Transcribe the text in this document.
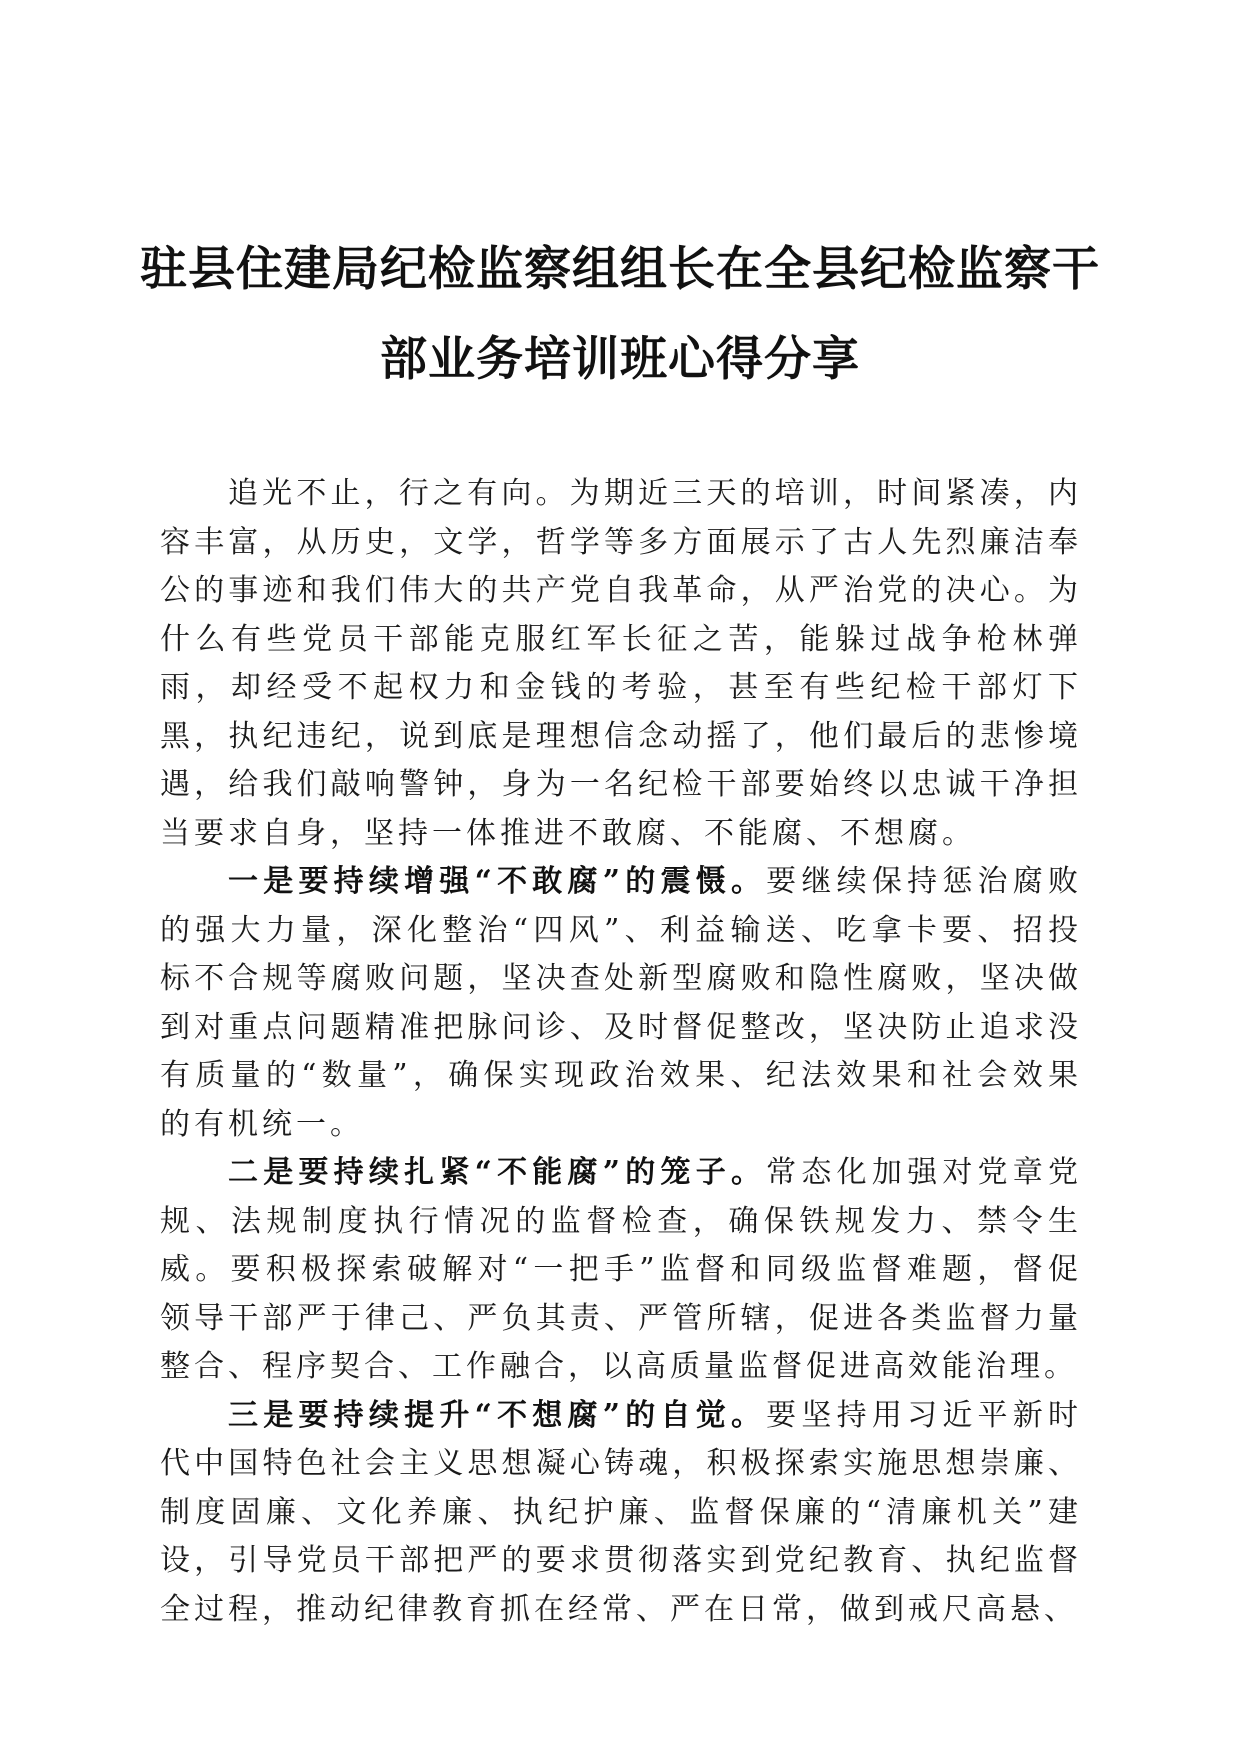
驻县住建局纪检监察组组长在全县纪检监察干
部业务培训班心得分享

追光不止，行之有向。为期近三天的培训，时间紧凑，内容丰富，从历史，文学，哲学等多方面展示了古人先烈廉洁奉公的事迹和我们伟大的共产党自我革命，从严治党的决心。为什么有些党员干部能克服红军长征之苦，能躲过战争枪林弹雨，却经受不起权力和金钱的考验，甚至有些纪检干部灯下黑，执纪违纪，说到底是理想信念动摇了，他们最后的悲惨境遇，给我们敲响警钟，身为一名纪检干部要始终以忠诚干净担当要求自身，坚持一体推进不敢腐、不能腐、不想腐。

一是要持续增强“不敢腐”的震慑。要继续保持惩治腐败的强大力量，深化整治“四风”、利益输送、吃拿卡要、招投标不合规等腐败问题，坚决查处新型腐败和隐性腐败，坚决做到对重点问题精准把脉问诊、及时督促整改，坚决防止追求没有质量的“数量”，确保实现政治效果、纪法效果和社会效果的有机统一。

二是要持续扎紧“不能腐”的笼子。常态化加强对党章党规、法规制度执行情况的监督检查，确保铁规发力、禁令生威。要积极探索破解对“一把手”监督和同级监督难题，督促领导干部严于律己、严负其责、严管所辖，促进各类监督力量整合、程序契合、工作融合，以高质量监督促进高效能治理。

三是要持续提升“不想腐”的自觉。要坚持用习近平新时代中国特色社会主义思想凝心铸魂，积极探索实施思想崇廉、制度固廉、文化养廉、执纪护廉、监督保廉的“清廉机关”建设，引导党员干部把严的要求贯彻落实到党纪教育、执纪监督全过程，推动纪律教育抓在经常、严在日常，做到戒尺高悬、
